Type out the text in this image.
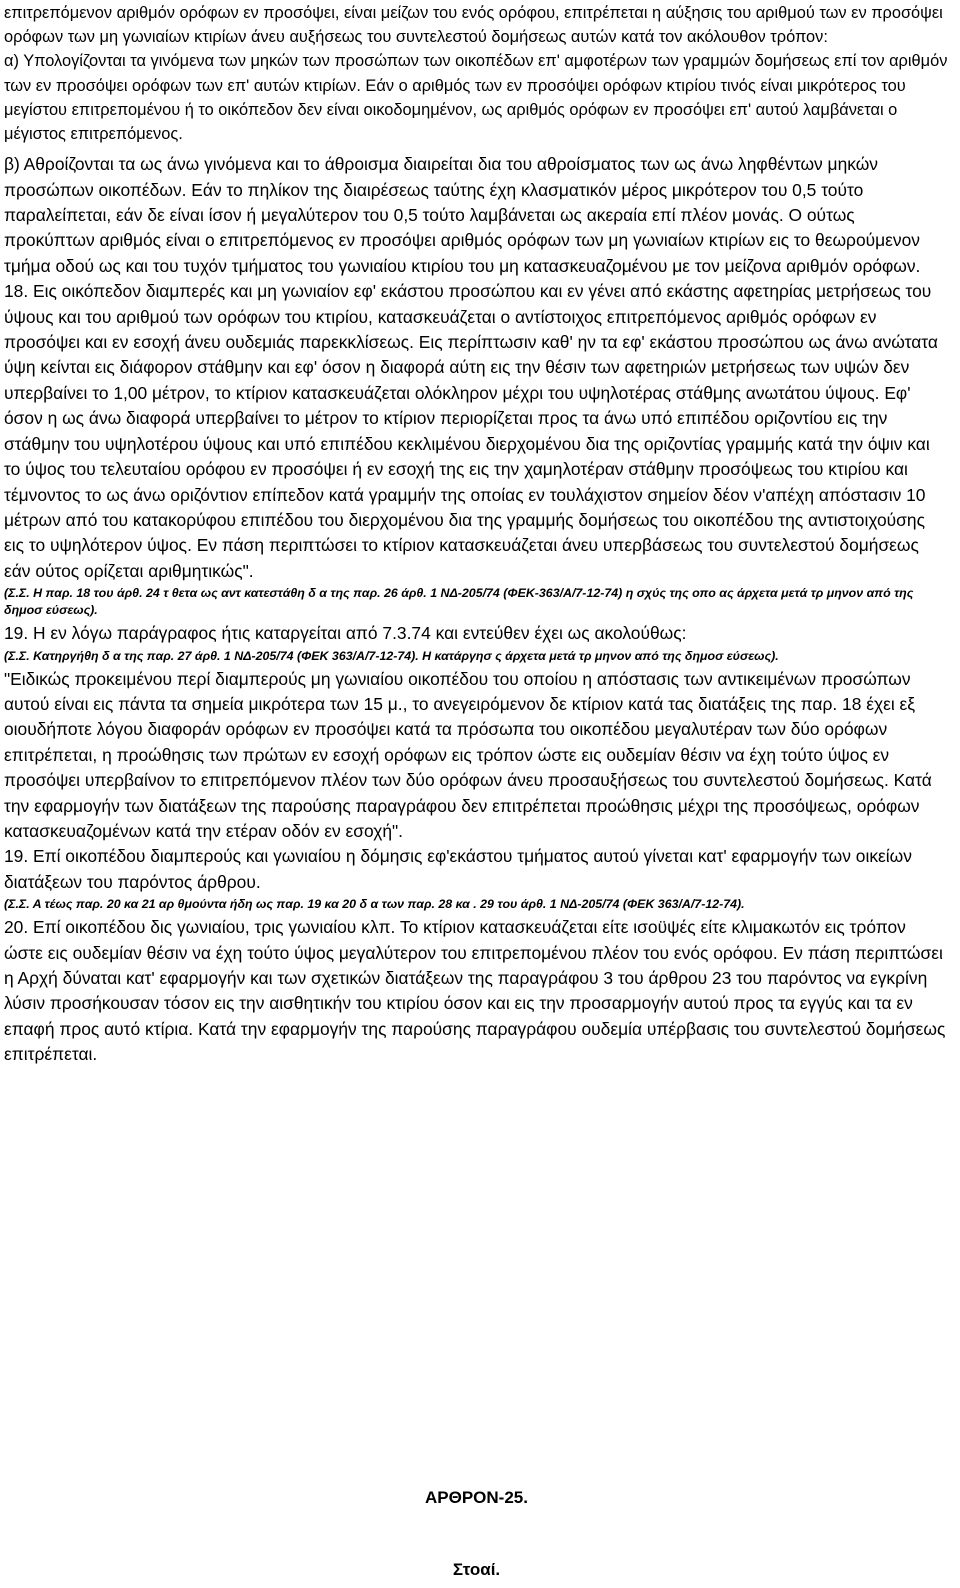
επιτρεπόμενον αριθμόν ορόφων εν προσόψει, είναι μείζων του ενός ορόφου, επιτρέπεται η αύξησις του αριθμού των εν προσόψει ορόφων των μη γωνιαίων κτιρίων άνευ αυξήσεως του συντελεστού δομήσεως αυτών κατά τον ακόλουθον τρόπον:

α) Υπολογίζονται τα γινόμενα των μηκών των προσώπων των οικοπέδων επ' αμφοτέρων των γραμμών δομήσεως επί τον αριθμόν των εν προσόψει ορόφων των επ' αυτών κτιρίων. Εάν ο αριθμός των εν προσόψει ορόφων κτιρίου τινός είναι μικρότερος του μεγίστου επιτρεπομένου ή το οικόπεδον δεν είναι οικοδομημένον, ως αριθμός ορόφων εν προσόψει επ' αυτού λαμβάνεται ο μέγιστος επιτρεπόμενος.

β) Αθροίζονται τα ως άνω γινόμενα και το άθροισμα διαιρείται δια του αθροίσματος των ως άνω ληφθέντων μηκών προσώπων οικοπέδων. Εάν το πηλίκον της διαιρέσεως ταύτης έχη κλασματικόν μέρος μικρότερον του 0,5 τούτο παραλείπεται, εάν δε είναι ίσον ή μεγαλύτερον του 0,5 τούτο λαμβάνεται ως ακεραία επί πλέον μονάς. Ο ούτως προκύπτων αριθμός είναι ο επιτρεπόμενος εν προσόψει αριθμός ορόφων των μη γωνιαίων κτιρίων εις το θεωρούμενον τμήμα οδού ως και του τυχόν τμήματος του γωνιαίου κτιρίου του μη κατασκευαζομένου με τον μείζονα αριθμόν ορόφων.

18. Εις οικόπεδον διαμπερές και μη γωνιαίον εφ' εκάστου προσώπου και εν γένει από εκάστης αφετηρίας μετρήσεως του ύψους και του αριθμού των ορόφων του κτιρίου, κατασκευάζεται ο αντίστοιχος επιτρεπόμενος αριθμός ορόφων εν προσόψει και εν εσοχή άνευ ουδεμιάς παρεκκλίσεως. Εις περίπτωσιν καθ' ην τα εφ' εκάστου προσώπου ως άνω ανώτατα ύψη κείνται εις διάφορον στάθμην και εφ' όσον η διαφορά αύτη εις την θέσιν των αφετηριών μετρήσεως των υψών δεν υπερβαίνει το 1,00 μέτρον, το κτίριον κατασκευάζεται ολόκληρον μέχρι του υψηλοτέρας στάθμης ανωτάτου ύψους. Εφ' όσον η ως άνω διαφορά υπερβαίνει το μέτρον το κτίριον περιορίζεται προς τα άνω υπό επιπέδου οριζοντίου εις την στάθμην του υψηλοτέρου ύψους και υπό επιπέδου κεκλιμένου διερχομένου δια της οριζοντίας γραμμής κατά την όψιν και το ύψος του τελευταίου ορόφου εν προσόψει ή εν εσοχή της εις την χαμηλοτέραν στάθμην προσόψεως του κτιρίου και τέμνοντος το ως άνω οριζόντιον επίπεδον κατά γραμμήν της οποίας εν τουλάχιστον σημείον δέον ν'απέχη απόστασιν 10 μέτρων από του κατακορύφου επιπέδου του διερχομένου δια της γραμμής δομήσεως του οικοπέδου της αντιστοιχούσης εις το υψηλότερον ύψος. Εν πάση περιπτώσει το κτίριον κατασκευάζεται άνευ υπερβάσεως του συντελεστού δομήσεως εάν ούτος ορίζεται αριθμητικώς".

(Σ.Σ. Η παρ. 18 του άρθ. 24 τ θετα ως αντ κατεστάθη δ α της παρ. 26 άρθ. 1 ΝΔ-205/74 (ΦΕΚ-363/Α/7-12-74) η σχύς της οπο ας άρχετα μετά τρ μηνον από της δημοσ εύσεως).

19. Η εν λόγω παράγραφος ήτις καταργείται από 7.3.74 και εντεύθεν έχει ως ακολούθως:

(Σ.Σ. Κατηργήθη δ α της παρ. 27 άρθ. 1 ΝΔ-205/74 (ΦΕΚ 363/Α/7-12-74). Η κατάργησ ς άρχετα μετά τρ μηνον από της δημοσ εύσεως).

"Ειδικώς προκειμένου περί διαμπερούς μη γωνιαίου οικοπέδου του οποίου η απόστασις των αντικειμένων προσώπων αυτού είναι εις πάντα τα σημεία μικρότερα των 15 μ., το ανεγειρόμενον δε κτίριον κατά τας διατάξεις της παρ. 18 έχει εξ οιουδήποτε λόγου διαφοράν ορόφων εν προσόψει κατά τα πρόσωπα του οικοπέδου μεγαλυτέραν των δύο ορόφων επιτρέπεται, η προώθησις των πρώτων εν εσοχή ορόφων εις τρόπον ώστε εις ουδεμίαν θέσιν να έχη τούτο ύψος εν προσόψει υπερβαίνον το επιτρεπόμενον πλέον των δύο ορόφων άνευ προσαυξήσεως του συντελεστού δομήσεως. Κατά την εφαρμογήν των διατάξεων της παρούσης παραγράφου δεν επιτρέπεται προώθησις μέχρι της προσόψεως, ορόφων κατασκευαζομένων κατά την ετέραν οδόν εν εσοχή".

19. Επί οικοπέδου διαμπερούς και γωνιαίου η δόμησις εφ'εκάστου τμήματος αυτού γίνεται κατ' εφαρμογήν των οικείων διατάξεων του παρόντος άρθρου.

(Σ.Σ. Α τέως παρ. 20 κα 21 αρ θμούντα ήδη ως παρ. 19 κα 20 δ α των παρ. 28 κα . 29 του άρθ. 1 ΝΔ-205/74 (ΦΕΚ 363/Α/7-12-74).

20. Επί οικοπέδου δις γωνιαίου, τρις γωνιαίου κλπ. Το κτίριον κατασκευάζεται είτε ισοϋψές είτε κλιμακωτόν εις τρόπον ώστε εις ουδεμίαν θέσιν να έχη τούτο ύψος μεγαλύτερον του επιτρεπομένου πλέον του ενός ορόφου. Εν πάση περιπτώσει η Αρχή δύναται κατ' εφαρμογήν και των σχετικών διατάξεων της παραγράφου 3 του άρθρου 23 του παρόντος να εγκρίνη λύσιν προσήκουσαν τόσον εις την αισθητικήν του κτιρίου όσον και εις την προσαρμογήν αυτού προς τα εγγύς και τα εν επαφή προς αυτό κτίρια. Κατά την εφαρμογήν της παρούσης παραγράφου ουδεμία υπέρβασις του συντελεστού δομήσεως επιτρέπεται.

ΑΡΘΡΟΝ-25.

Στοαί.
